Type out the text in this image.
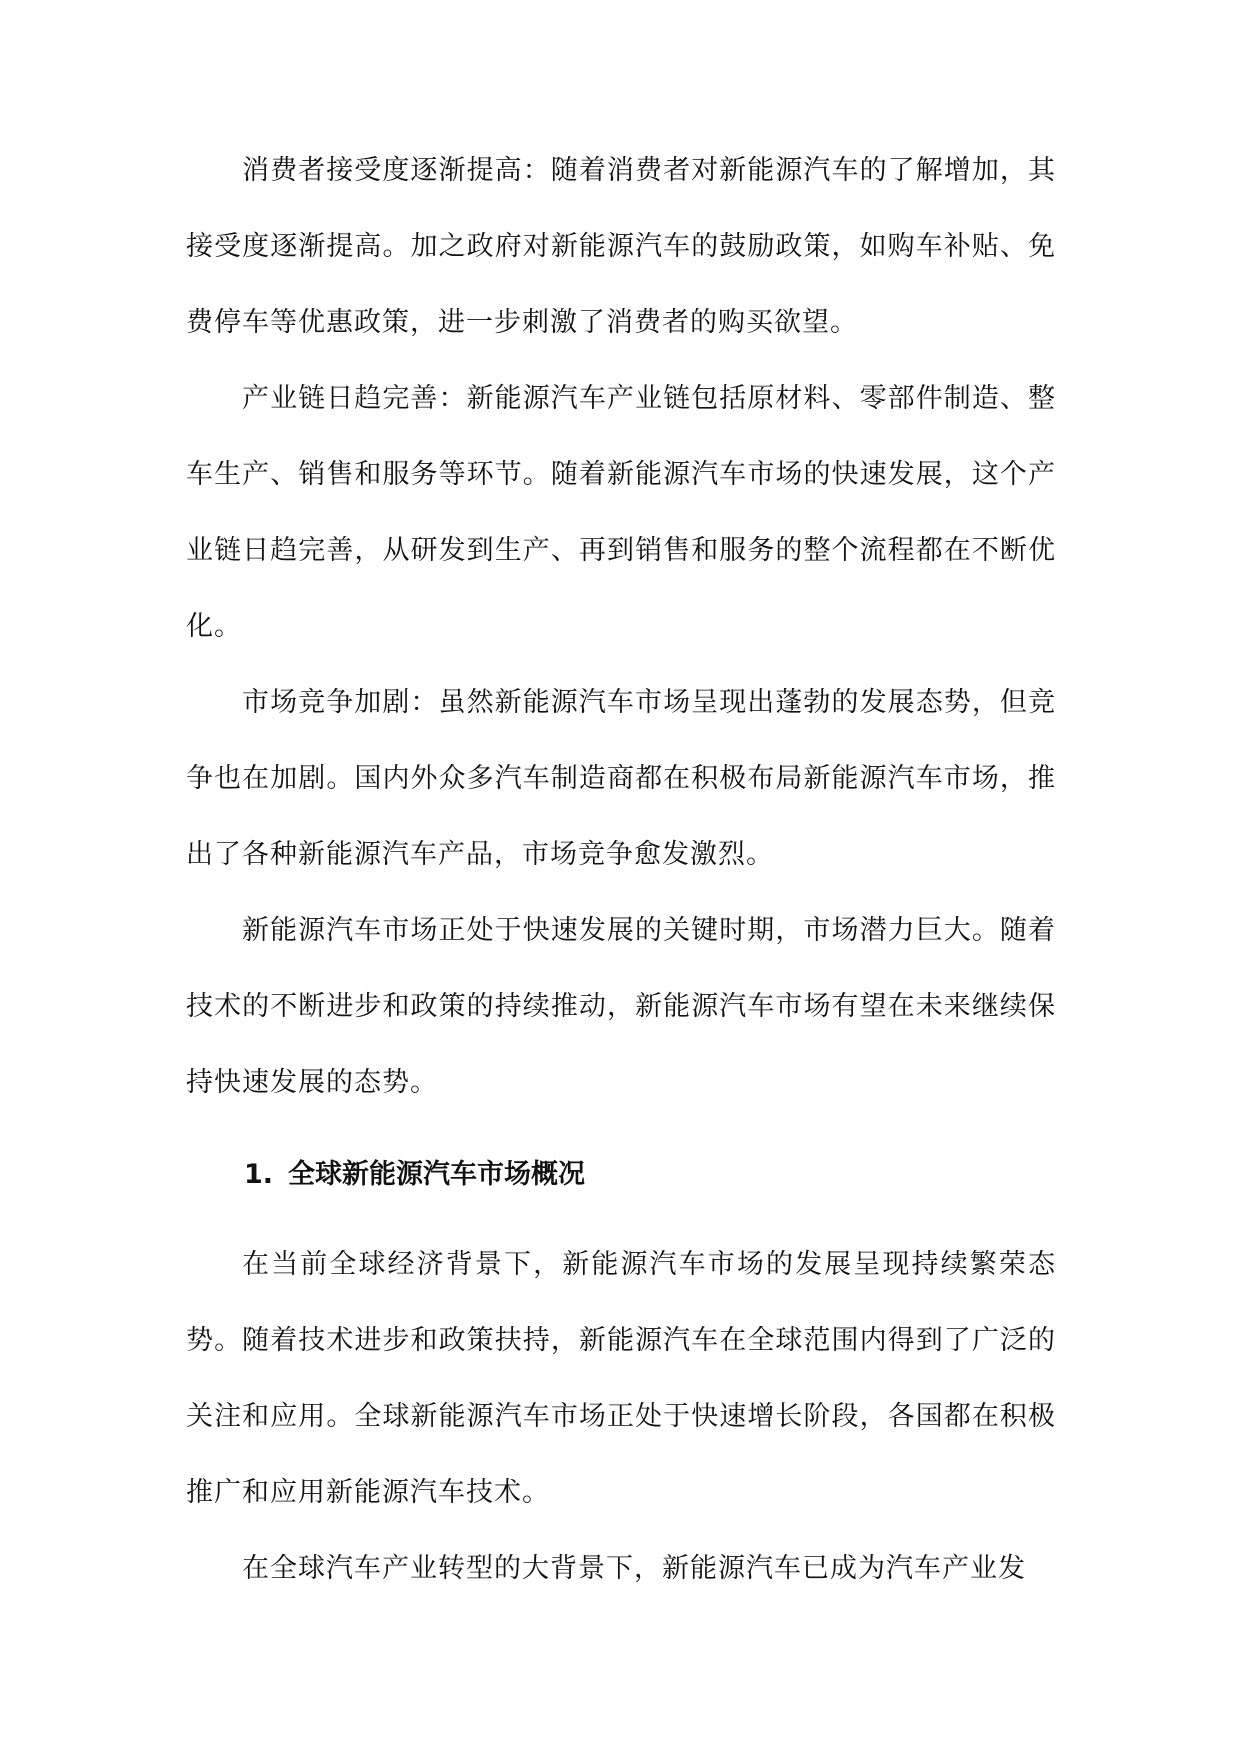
消费者接受度逐渐提高：随着消费者对新能源汽车的了解增加，其接受度逐渐提高。加之政府对新能源汽车的鼓励政策，如购车补贴、免费停车等优惠政策，进一步刺激了消费者的购买欲望。

产业链日趋完善：新能源汽车产业链包括原材料、零部件制造、整车生产、销售和服务等环节。随着新能源汽车市场的快速发展，这个产业链日趋完善，从研发到生产、再到销售和服务的整个流程都在不断优化。

市场竞争加剧：虽然新能源汽车市场呈现出蓬勃的发展态势，但竞争也在加剧。国内外众多汽车制造商都在积极布局新能源汽车市场，推出了各种新能源汽车产品，市场竞争愈发激烈。

新能源汽车市场正处于快速发展的关键时期，市场潜力巨大。随着技术的不断进步和政策的持续推动，新能源汽车市场有望在未来继续保持快速发展的态势。

1. 全球新能源汽车市场概况

在当前全球经济背景下，新能源汽车市场的发展呈现持续繁荣态势。随着技术进步和政策扶持，新能源汽车在全球范围内得到了广泛的关注和应用。全球新能源汽车市场正处于快速增长阶段，各国都在积极推广和应用新能源汽车技术。

在全球汽车产业转型的大背景下，新能源汽车已成为汽车产业发
